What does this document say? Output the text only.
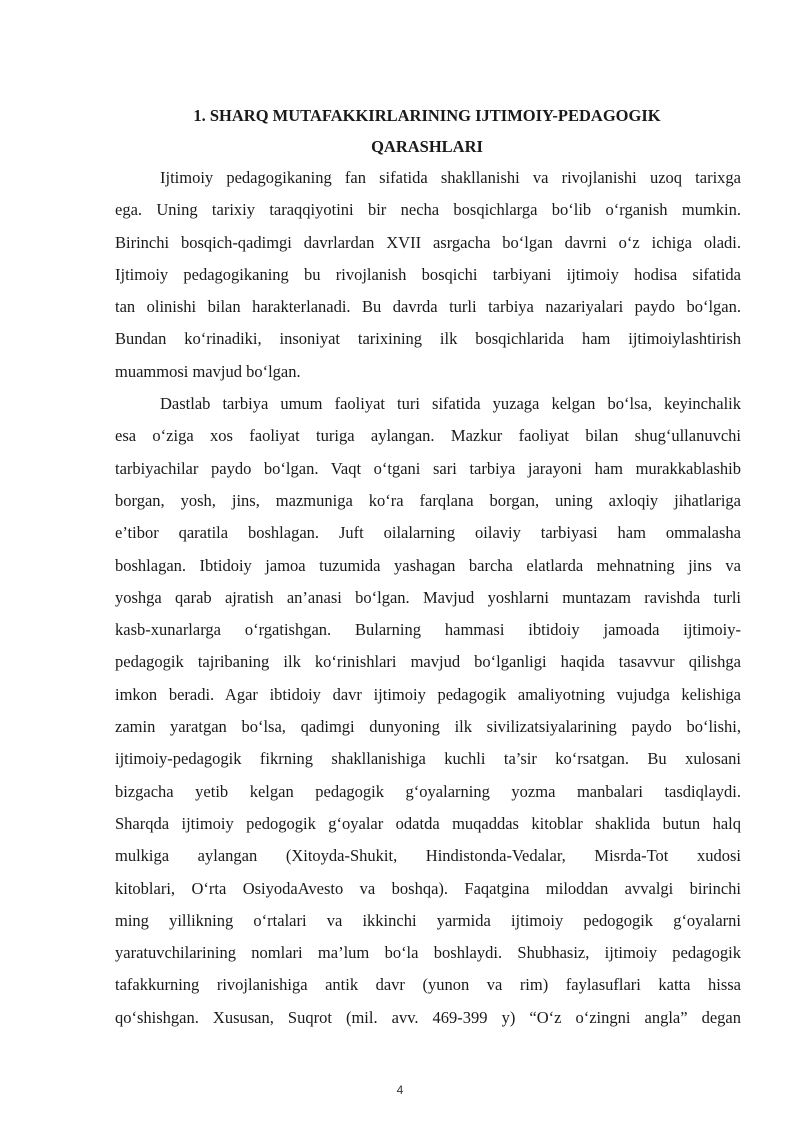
1. SHARQ MUTAFAKKIRLARINING IJTIMOIY-PEDAGOGIK
QARASHLARI

Ijtimoiy pedagogikaning fan sifatida shakllanishi va rivojlanishi uzoq tarixga
ega. Uning tarixiy taraqqiyotini bir necha bosqichlarga bo‘lib o‘rganish mumkin.
Birinchi bosqich-qadimgi davrlardan XVII asrgacha bo‘lgan davrni o‘z ichiga oladi.
Ijtimoiy pedagogikaning bu rivojlanish bosqichi tarbiyani ijtimoiy hodisa sifatida
tan olinishi bilan harakterlanadi. Bu davrda turli tarbiya nazariyalari paydo bo‘lgan.
Bundan ko‘rinadiki, insoniyat tarixining ilk bosqichlarida ham ijtimoiylashtirish
muammosi mavjud bo‘lgan.

Dastlab tarbiya umum faoliyat turi sifatida yuzaga kelgan bo‘lsa, keyinchalik
esa o‘ziga xos faoliyat turiga aylangan. Mazkur faoliyat bilan shug‘ullanuvchi
tarbiyachilar paydo bo‘lgan. Vaqt o‘tgani sari tarbiya jarayoni ham murakkablashib
borgan, yosh, jins, mazmuniga ko‘ra farqlana borgan, uning axloqiy jihatlariga
e’tibor qaratila boshlagan. Juft oilalarning oilaviy tarbiyasi ham ommalasha
boshlagan. Ibtidoiy jamoa tuzumida yashagan barcha elatlarda mehnatning jins va
yoshga qarab ajratish an’anasi bo‘lgan. Mavjud yoshlarni muntazam ravishda turli
kasb-xunarlarga o‘rgatishgan. Bularning hammasi ibtidoiy jamoada ijtimoiy-
pedagogik tajribaning ilk ko‘rinishlari mavjud bo‘lganligi haqida tasavvur qilishga
imkon beradi. Agar ibtidoiy davr ijtimoiy pedagogik amaliyotning vujudga kelishiga
zamin yaratgan bo‘lsa, qadimgi dunyoning ilk sivilizatsiyalarining paydo bo‘lishi,
ijtimoiy-pedagogik fikrning shakllanishiga kuchli ta’sir ko‘rsatgan. Bu xulosani
bizgacha yetib kelgan pedagogik g‘oyalarning yozma manbalari tasdiqlaydi.
Sharqda ijtimoiy pedogogik g‘oyalar odatda muqaddas kitoblar shaklida butun halq
mulkiga aylangan (Xitoyda-Shukit, Hindistonda-Vedalar, Misrda-Tot xudosi
kitoblari, O‘rta OsiyodaAvesto va boshqa). Faqatgina miloddan avvalgi birinchi
ming yillikning o‘rtalari va ikkinchi yarmida ijtimoiy pedogogik g‘oyalarni
yaratuvchilarining nomlari ma’lum bo‘la boshlaydi. Shubhasiz, ijtimoiy pedagogik
tafakkurning rivojlanishiga antik davr (yunon va rim) faylasuflari katta hissa
qo‘shishgan. Xususan, Suqrot (mil. avv. 469-399 y) “O‘z o‘zingni angla” degan

4
